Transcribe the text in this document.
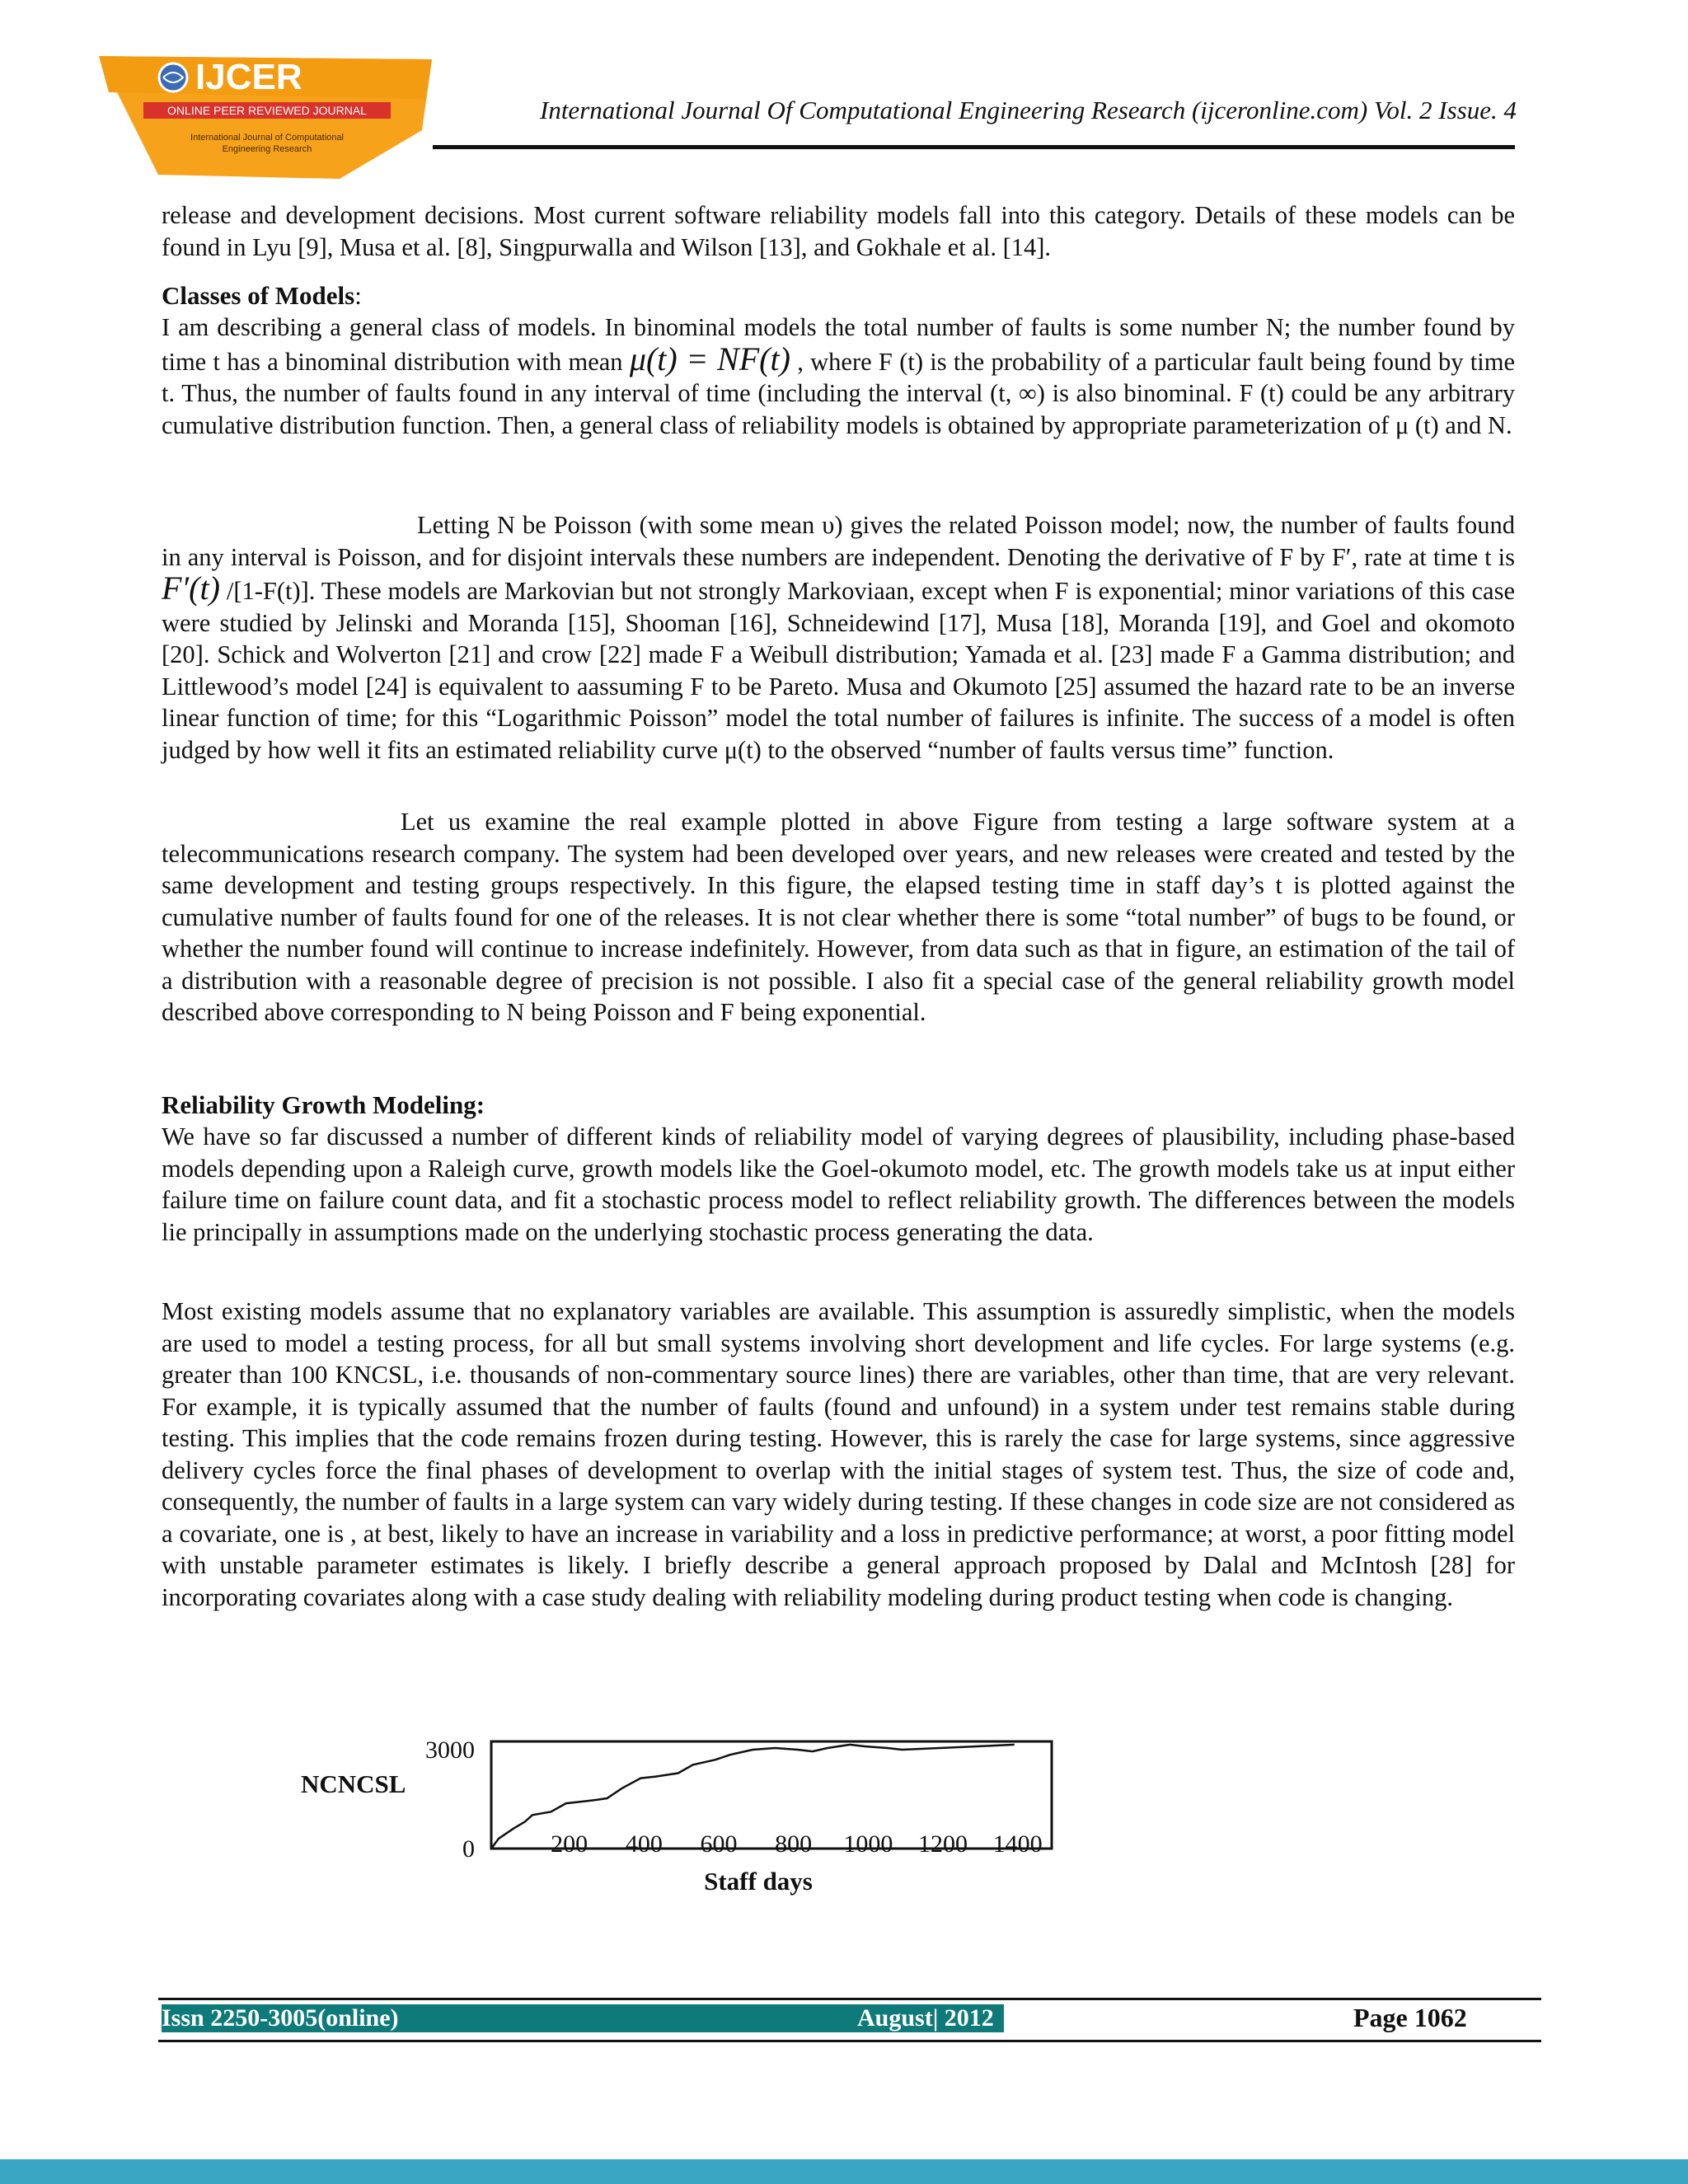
IJCER
ONLINE PEER REVIEWED JOURNAL
International Journal of Computational
Engineering Research
International Journal Of Computational Engineering Research (ijceronline.com) Vol. 2 Issue. 4

release and development decisions. Most current software reliability models fall into this category. Details of these models can be found in Lyu [9], Musa et al. [8], Singpurwalla and Wilson [13], and Gokhale et al. [14].

Classes of Models:

I am describing a general class of models. In binominal models the total number of faults is some number N; the number found by time t has a binominal distribution with mean μ(t) = NF(t) , where F (t) is the probability of a particular fault being found by time t. Thus, the number of faults found in any interval of time (including the interval (t, ∞) is also binominal. F (t) could be any arbitrary cumulative distribution function. Then, a general class of reliability models is obtained by appropriate parameterization of μ (t) and N.

Letting N be Poisson (with some mean υ) gives the related Poisson model; now, the number of faults found in any interval is Poisson, and for disjoint intervals these numbers are independent. Denoting the derivative of F by F′, rate at time t is F′(t) /[1-F(t)]. These models are Markovian but not strongly Markoviaan, except when F is exponential; minor variations of this case were studied by Jelinski and Moranda [15], Shooman [16], Schneidewind [17], Musa [18], Moranda [19], and Goel and okomoto [20]. Schick and Wolverton [21] and crow [22] made F a Weibull distribution; Yamada et al. [23] made F a Gamma distribution; and Littlewood’s model [24] is equivalent to aassuming F to be Pareto. Musa and Okumoto [25] assumed the hazard rate to be an inverse linear function of time; for this “Logarithmic Poisson” model the total number of failures is infinite. The success of a model is often judged by how well it fits an estimated reliability curve μ(t) to the observed “number of faults versus time” function.

Let us examine the real example plotted in above Figure from testing a large software system at a telecommunications research company. The system had been developed over years, and new releases were created and tested by the same development and testing groups respectively. In this figure, the elapsed testing time in staff day’s t is plotted against the cumulative number of faults found for one of the releases. It is not clear whether there is some “total number” of bugs to be found, or whether the number found will continue to increase indefinitely. However, from data such as that in figure, an estimation of the tail of a distribution with a reasonable degree of precision is not possible. I also fit a special case of the general reliability growth model described above corresponding to N being Poisson and F being exponential.

Reliability Growth Modeling:

We have so far discussed a number of different kinds of reliability model of varying degrees of plausibility, including phase-based models depending upon a Raleigh curve, growth models like the Goel-okumoto model, etc. The growth models take us at input either failure time on failure count data, and fit a stochastic process model to reflect reliability growth. The differences between the models lie principally in assumptions made on the underlying stochastic process generating the data.

Most existing models assume that no explanatory variables are available. This assumption is assuredly simplistic, when the models are used to model a testing process, for all but small systems involving short development and life cycles. For large systems (e.g. greater than 100 KNCSL, i.e. thousands of non-commentary source lines) there are variables, other than time, that are very relevant. For example, it is typically assumed that the number of faults (found and unfound) in a system under test remains stable during testing. This implies that the code remains frozen during testing. However, this is rarely the case for large systems, since aggressive delivery cycles force the final phases of development to overlap with the initial stages of system test. Thus, the size of code and, consequently, the number of faults in a large system can vary widely during testing. If these changes in code size are not considered as a covariate, one is , at best, likely to have an increase in variability and a loss in predictive performance; at worst, a poor fitting model with unstable parameter estimates is likely. I briefly describe a general approach proposed by Dalal and McIntosh [28] for incorporating covariates along with a case study dealing with reliability modeling during product testing when code is changing.

NCNCSL
Staff days
0
3000
200 400 600 800 1000 1200 1400
Issn 2250-3005(online)	August| 2012	Page 1062
